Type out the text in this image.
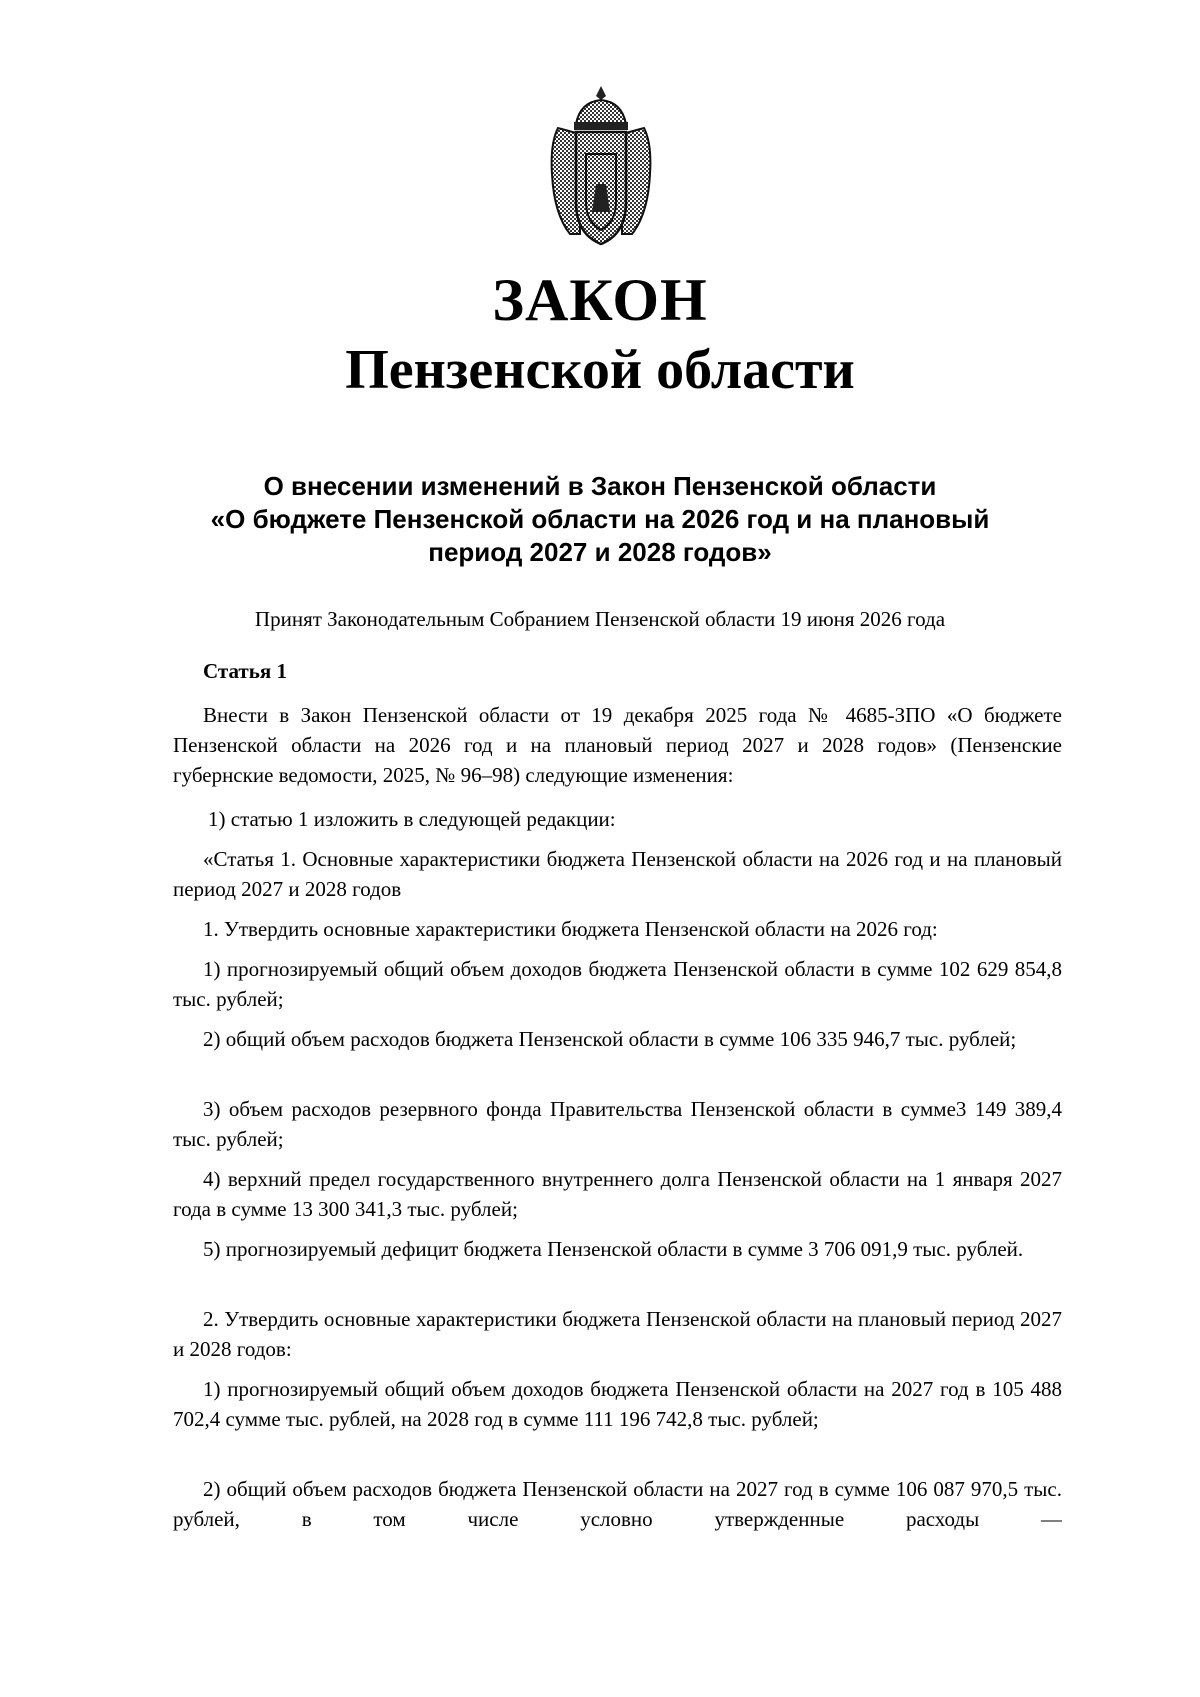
ЗАКОН
Пензенской области
О внесении изменений в Закон Пензенской области
«О бюджете Пензенской области на 2026 год и на плановый
период 2027 и 2028 годов»
Принят Законодательным Собранием Пензенской области 19 июня 2026 года
Статья 1
Внести в Закон Пензенской области от 19 декабря 2025 года № 4685-ЗПО «О бюджете Пензенской области на 2026 год и на плановый период 2027 и 2028 годов» (Пензенские губернские ведомости, 2025, № 96–98) следующие изменения:
1) статью 1 изложить в следующей редакции:
«Статья 1. Основные характеристики бюджета Пензенской области на 2026 год и на плановый период 2027 и 2028 годов
1. Утвердить основные характеристики бюджета Пензенской области на 2026 год:
1) прогнозируемый общий объем доходов бюджета Пензенской области в сумме 102 629 854,8 тыс. рублей;
2) общий объем расходов бюджета Пензенской области в сумме 106 335 946,7 тыс. рублей;
3) объем расходов резервного фонда Правительства Пензенской области в сумме3 149 389,4 тыс. рублей;
4) верхний предел государственного внутреннего долга Пензенской области на 1 января 2027 года в сумме 13 300 341,3 тыс. рублей;
5) прогнозируемый дефицит бюджета Пензенской области в сумме 3 706 091,9 тыс. рублей.
2. Утвердить основные характеристики бюджета Пензенской области на плановый период 2027 и 2028 годов:
1) прогнозируемый общий объем доходов бюджета Пензенской области на 2027 год в 105 488 702,4 сумме тыс. рублей, на 2028 год в сумме 111 196 742,8 тыс. рублей;
2) общий объем расходов бюджета Пензенской области на 2027 год в сумме 106 087 970,5 тыс. рублей, в том числе условно утвержденные расходы —
